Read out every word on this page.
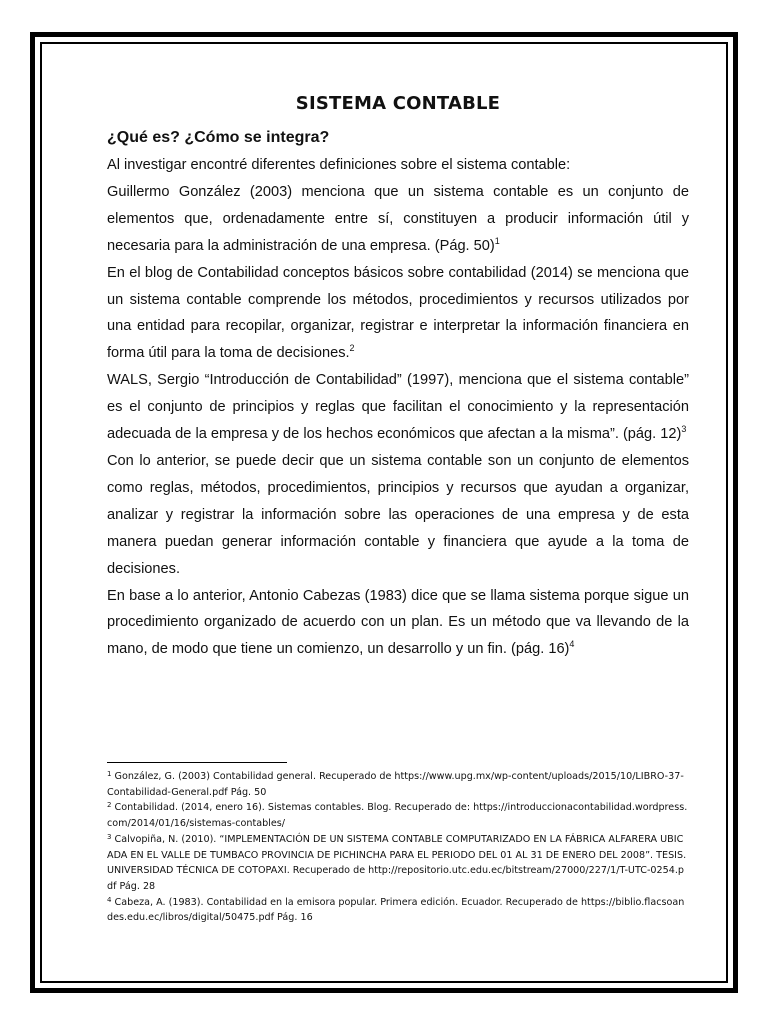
SISTEMA CONTABLE
¿Qué es? ¿Cómo se integra?

Al investigar encontré diferentes definiciones sobre el sistema contable:

Guillermo González (2003) menciona que un sistema contable es un conjunto de elementos que, ordenadamente entre sí, constituyen a producir información útil y necesaria para la administración de una empresa. (Pág. 50)$^1$

En el blog de Contabilidad conceptos básicos sobre contabilidad (2014) se menciona que un sistema contable comprende los métodos, procedimientos y recursos utilizados por una entidad para recopilar, organizar, registrar e interpretar la información financiera en forma útil para la toma de decisiones.$^2$

WALS, Sergio “Introducción de Contabilidad” (1997), menciona que el sistema contable” es el conjunto de principios y reglas que facilitan el conocimiento y la representación adecuada de la empresa y de los hechos económicos que afectan a la misma”. (pág. 12)$^3$

Con lo anterior, se puede decir que un sistema contable son un conjunto de elementos como reglas, métodos, procedimientos, principios y recursos que ayudan a organizar, analizar y registrar la información sobre las operaciones de una empresa y de esta manera puedan generar información contable y financiera que ayude a la toma de decisiones.

En base a lo anterior, Antonio Cabezas (1983) dice que se llama sistema porque sigue un procedimiento organizado de acuerdo con un plan. Es un método que va llevando de la mano, de modo que tiene un comienzo, un desarrollo y un fin. (pág. 16)$^4$

$^1$ González, G. (2003) Contabilidad general. Recuperado de https://www.upg.mx/wp-content/uploads/2015/10/LIBRO-37-Contabilidad-General.pdf Pág. 50

$^2$ Contabilidad. (2014, enero 16). Sistemas contables. Blog. Recuperado de: https://introduccionacontabilidad.wordpress.com/2014/01/16/sistemas-contables/

$^3$ Calvopiña, N. (2010). “IMPLEMENTACIÓN DE UN SISTEMA CONTABLE COMPUTARIZADO EN LA FÁBRICA ALFARERA UBICADA EN EL VALLE DE TUMBACO PROVINCIA DE PICHINCHA PARA EL PERIODO DEL 01 AL 31 DE ENERO DEL 2008”. TESIS. UNIVERSIDAD TÉCNICA DE COTOPAXI. Recuperado de http://repositorio.utc.edu.ec/bitstream/27000/227/1/T-UTC-0254.pdf Pág. 28

$^4$ Cabeza, A. (1983). Contabilidad en la emisora popular. Primera edición. Ecuador. Recuperado de https://biblio.flacsoandes.edu.ec/libros/digital/50475.pdf Pág. 16
